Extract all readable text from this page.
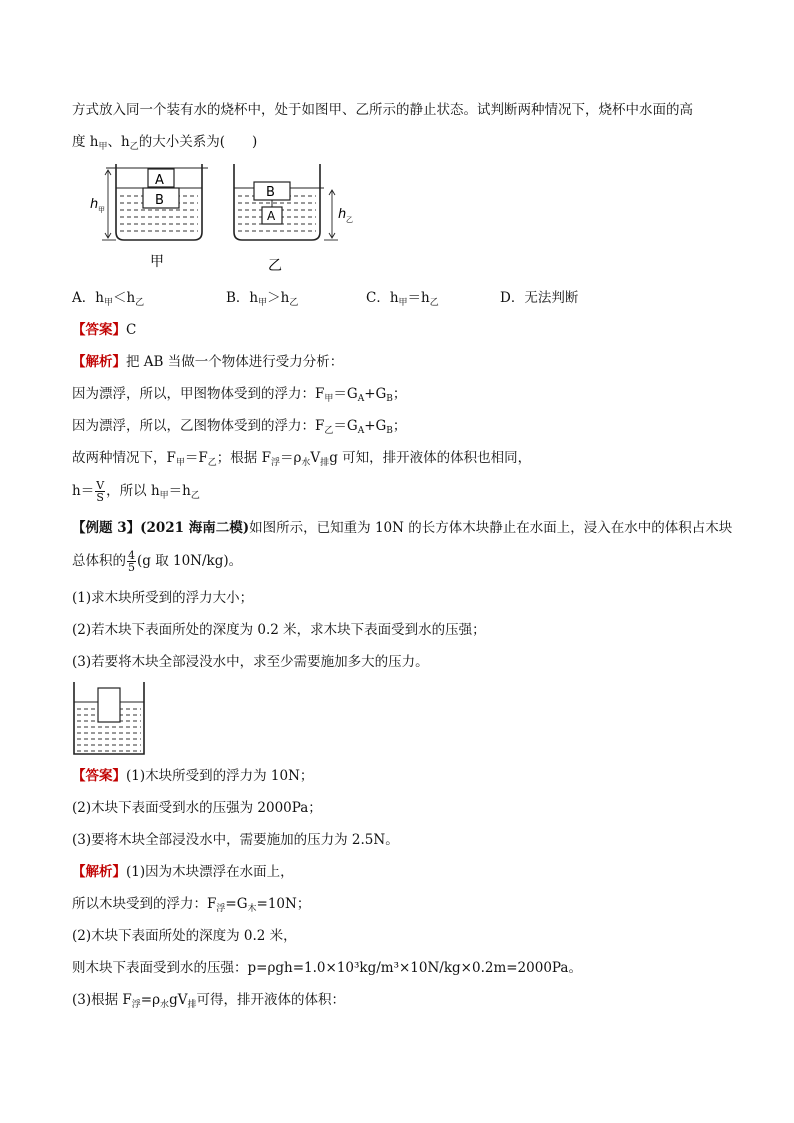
方式放入同一个装有水的烧杯中，处于如图甲、乙所示的静止状态。试判断两种情况下，烧杯中水面的高
度 $h_甲$、$h_乙$的大小关系为(　　)
A
B
h 甲
甲
B
A	h 乙
乙
A．$h_甲<h_乙$	B．$h_甲>h_乙$	C．$h_甲=h_乙$	D．无法判断
【答案】C
【解析】把 AB 当做一个物体进行受力分析：
因为漂浮，所以，甲图物体受到的浮力：$F_甲=G_A+G_B$；
因为漂浮，所以，乙图物体受到的浮力：$F_乙=G_A+G_B$；
故两种情况下，$F_甲=F_乙$；根据 $F_浮=\rho_水V_排g$ 可知，排开液体的体积也相同，
$h= \frac{V}{S}$ ，所以 $h_甲=h_乙$
【例题 3】(2021 海南二模)如图所示，已知重为 10N 的长方体木块静止在水面上，浸入在水中的体积占木块
总体积的 $\frac{4}{5} (g$ 取 10N/kg)。
(1)求木块所受到的浮力大小；
(2)若木块下表面所处的深度为 0.2 米，求木块下表面受到水的压强；
(3)若要将木块全部浸没水中，求至少需要施加多大的压力。
【答案】(1)木块所受到的浮力为 10N；
(2)木块下表面受到水的压强为 2000Pa；
(3)要将木块全部浸没水中，需要施加的压力为 2.5N。
【解析】(1)因为木块漂浮在水面上，
所以木块受到的浮力：$F_浮=G_木=10N$；
(2)木块下表面所处的深度为 0.2 米，
则木块下表面受到水的压强：p=ρgh=1.0×10³kg/m³×10N/kg×0.2m=2000Pa。
(3)根据 $F_浮=\rho_水gV_排$可得，排开液体的体积：
